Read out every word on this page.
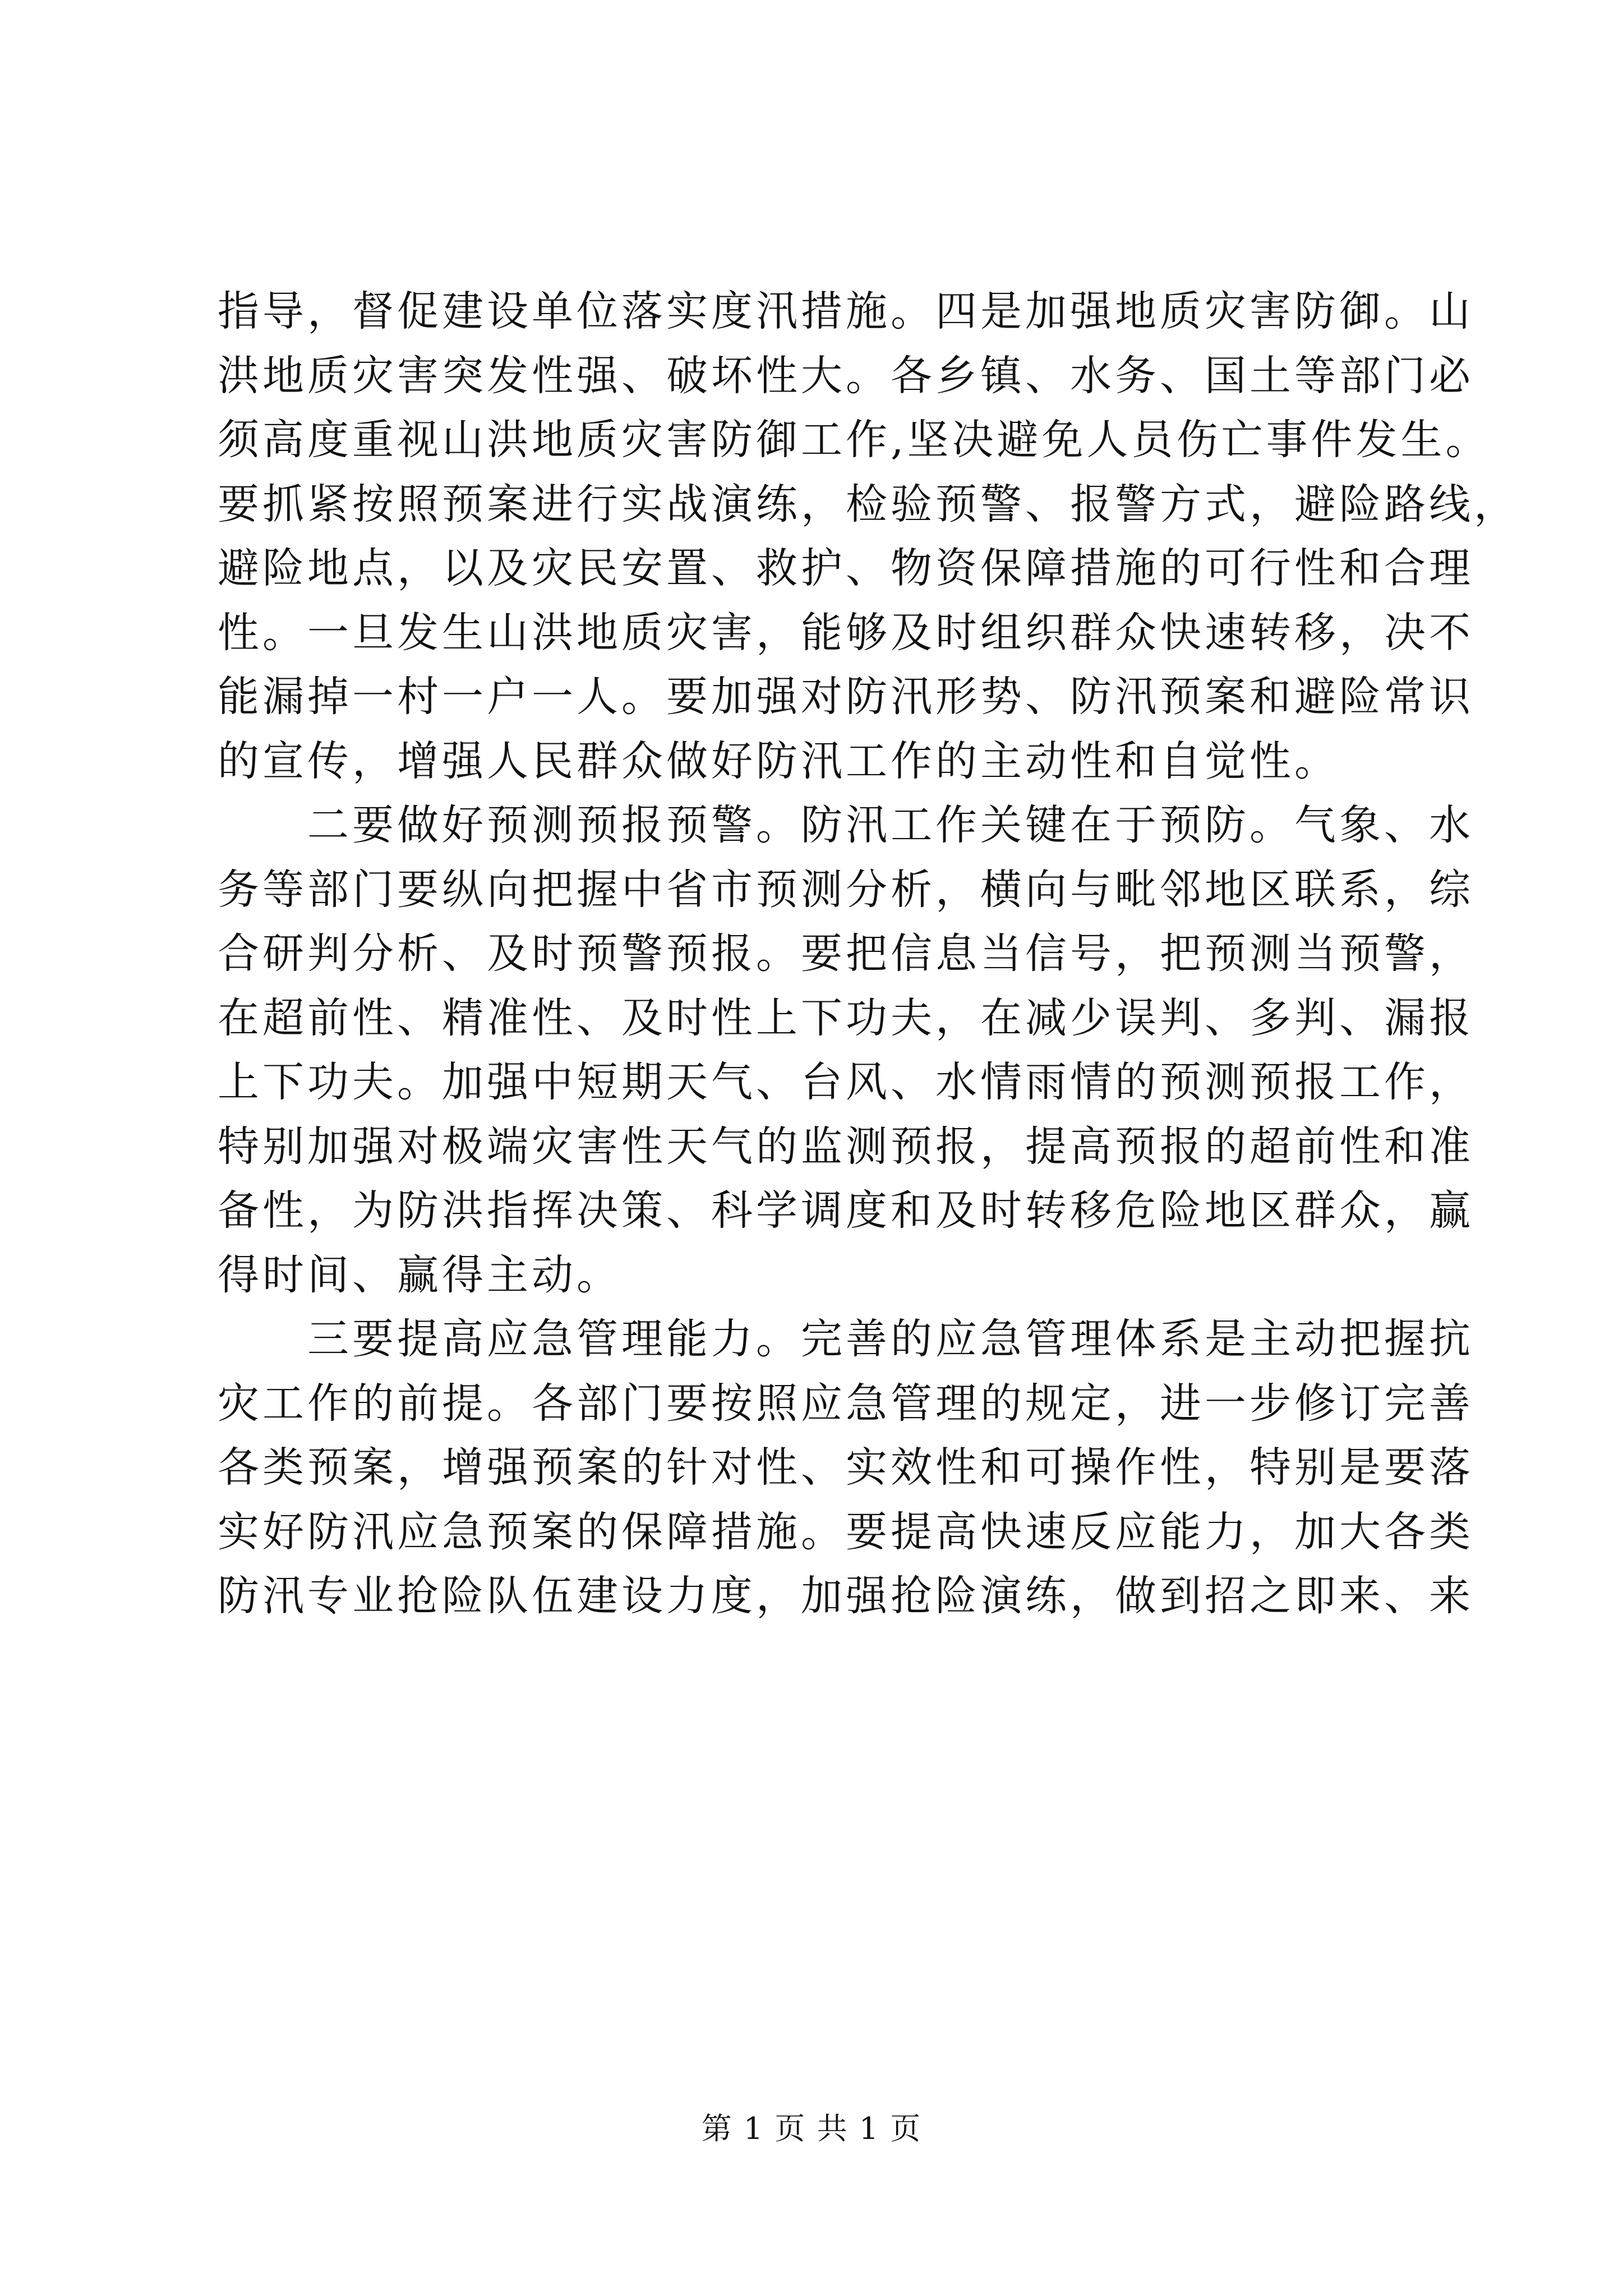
指导，督促建设单位落实度汛措施。四是加强地质灾害防御。山
洪地质灾害突发性强、破坏性大。各乡镇、水务、国土等部门必
须高度重视山洪地质灾害防御工作,坚决避免人员伤亡事件发生。
要抓紧按照预案进行实战演练，检验预警、报警方式，避险路线，
避险地点，以及灾民安置、救护、物资保障措施的可行性和合理
性。一旦发生山洪地质灾害，能够及时组织群众快速转移，决不
能漏掉一村一户一人。要加强对防汛形势、防汛预案和避险常识
的宣传，增强人民群众做好防汛工作的主动性和自觉性。
　　二要做好预测预报预警。防汛工作关键在于预防。气象、水
务等部门要纵向把握中省市预测分析，横向与毗邻地区联系，综
合研判分析、及时预警预报。要把信息当信号，把预测当预警，
在超前性、精准性、及时性上下功夫，在减少误判、多判、漏报
上下功夫。加强中短期天气、台风、水情雨情的预测预报工作，
特别加强对极端灾害性天气的监测预报，提高预报的超前性和准
备性，为防洪指挥决策、科学调度和及时转移危险地区群众，赢
得时间、赢得主动。
　　三要提高应急管理能力。完善的应急管理体系是主动把握抗
灾工作的前提。各部门要按照应急管理的规定，进一步修订完善
各类预案，增强预案的针对性、实效性和可操作性，特别是要落
实好防汛应急预案的保障措施。要提高快速反应能力，加大各类
防汛专业抢险队伍建设力度，加强抢险演练，做到招之即来、来
第 1 页 共 1 页
